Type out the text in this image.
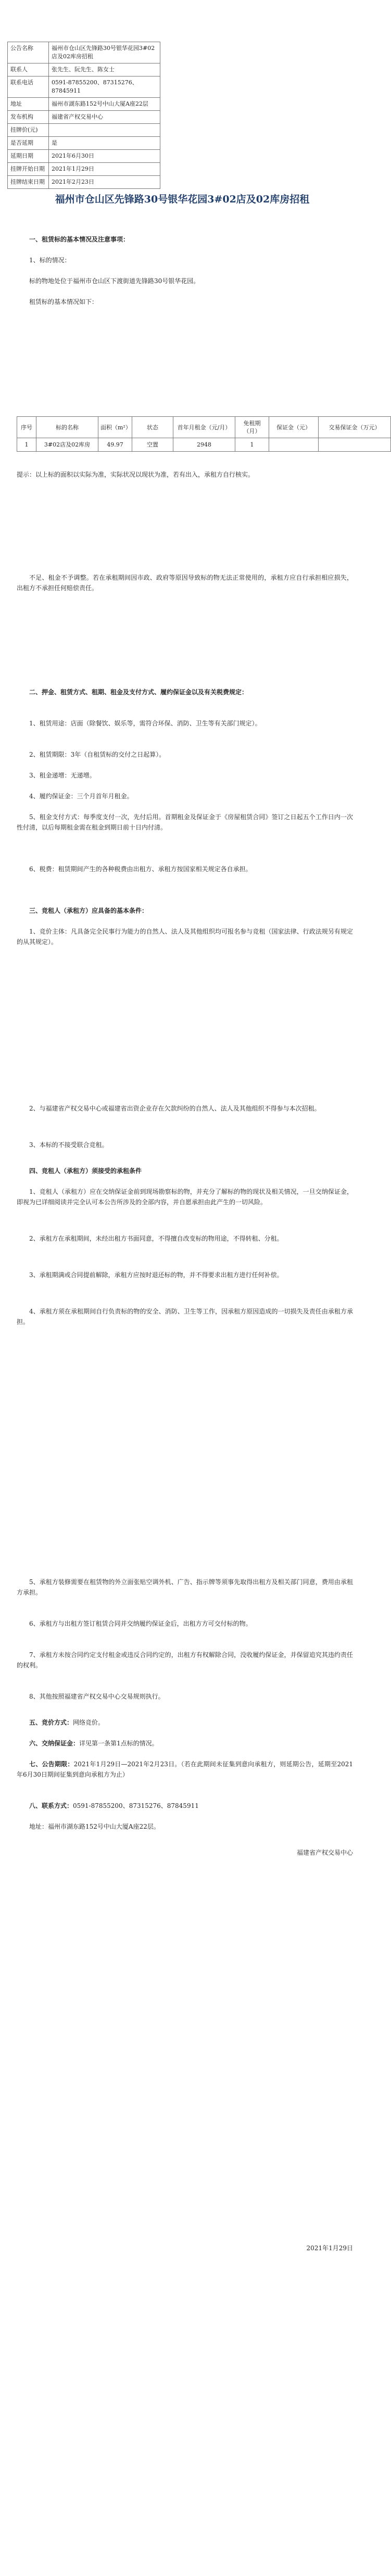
公告名称	福州市仓山区先锋路30号银华花园3#02店及02库房招租
联系人	张先生、阮先生、陈女士
联系电话	0591-87855200、87315276、87845911
地址	福州市湖东路152号中山大厦A座22层
发布机构	福建省产权交易中心
挂牌价(元)	
是否延期	是
延期日期	2021年6月30日
挂牌开始日期	2021年1月29日
挂牌结束日期	2021年2月23日
福州市仓山区先锋路30号银华花园3#02店及02库房招租
一、租赁标的基本情况及注意事项：
1、标的情况：
标的物地处位于福州市仓山区下渡街道先锋路30号银华花园。
租赁标的基本情况如下：
序号	标的名称	面积（m²）	状态	首年月租金（元/月）	免租期（月）	保证金（元）	交易保证金（万元）
1	3#02店及02库房	49.97	空置	2948	1		
提示：以上标的面积以实际为准，实际状况以现状为准，若有出入，承租方自行核实。
不足、租金不予调整。若在承租期间因市政、政府等原因导致标的物无法正常使用的，承租方应自行承担相应损失，出租方不承担任何赔偿责任。
二、押金、租赁方式、租期、租金及支付方式、履约保证金以及有关税费规定：
1、租赁用途：店面（除餐饮、娱乐等，需符合环保、消防、卫生等有关部门规定）。
2、租赁期限：3年（自租赁标的交付之日起算）。
3、租金递增：无递增。
4、履约保证金：三个月首年月租金。
5、租金支付方式：每季度支付一次，先付后用。首期租金及保证金于《房屋租赁合同》签订之日起五个工作日内一次性付清，以后每期租金需在租金到期日前十日内付清。
6、税费：租赁期间产生的各种税费由出租方、承租方按国家相关规定各自承担。
三、竞租人（承租方）应具备的基本条件：
1、竞价主体：凡具备完全民事行为能力的自然人、法人及其他组织均可报名参与竞租（国家法律、行政法规另有规定的从其规定）。
2、与福建省产权交易中心或福建省出资企业存在欠款纠纷的自然人、法人及其他组织不得参与本次招租。
3、本标的不接受联合竞租。
四、竞租人（承租方）须接受的承租条件
1、竞租人（承租方）应在交纳保证金前到现场勘察标的物，并充分了解标的物的现状及相关情况，一旦交纳保证金，即视为已详细阅读并完全认可本公告所涉及的全部内容，并自愿承担由此产生的一切风险。
2、承租方在承租期间，未经出租方书面同意，不得擅自改变标的物用途，不得转租、分租。
3、承租期满或合同提前解除，承租方应按时退还标的物，并不得要求出租方进行任何补偿。
4、承租方须在承租期间自行负责标的物的安全、消防、卫生等工作，因承租方原因造成的一切损失及责任由承租方承担。
5、承租方装修需要在租赁物的外立面张贴空调外机、广告、指示牌等须事先取得出租方及相关部门同意，费用由承租方承担。
6、承租方与出租方签订租赁合同并交纳履约保证金后，出租方方可交付标的物。
7、承租方未按合同约定支付租金或违反合同约定的，出租方有权解除合同，没收履约保证金，并保留追究其违约责任的权利。
8、其他按照福建省产权交易中心交易规则执行。
五、竞价方式：网络竞价。
六、交纳保证金：详见第一条第1点标的情况。
七、公告期限：2021年1月29日—2021年2月23日。（若在此期间未征集到意向承租方，则延期公告，延期至2021年6月30日期间征集到意向承租方为止）
八、联系方式：0591-87855200、87315276、87845911
地址：福州市湖东路152号中山大厦A座22层。
福建省产权交易中心
2021年1月29日
